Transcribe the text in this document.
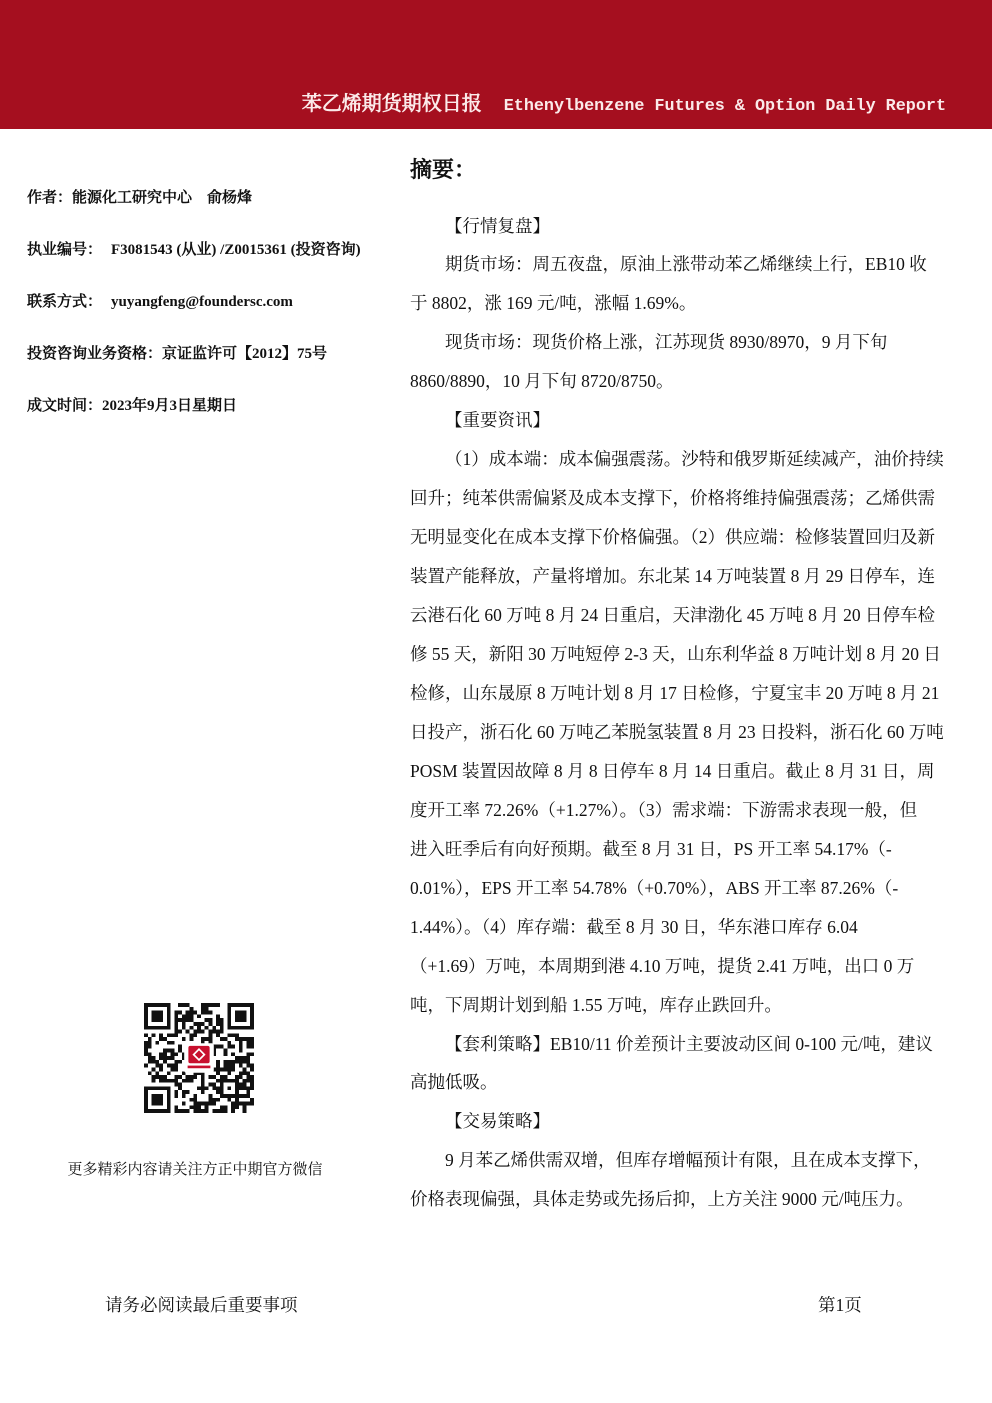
苯乙烯期货期权日报 Ethenylbenzene Futures & Option Daily Report
作者：能源化工研究中心 俞杨烽
执业编号： F3081543 (从业) /Z0015361 (投资咨询)
联系方式： yuyangfeng@foundersc.com
投资咨询业务资格：京证监许可【2012】75号
成文时间：2023年9月3日星期日
更多精彩内容请关注方正中期官方微信
摘要：
【行情复盘】
期货市场：周五夜盘，原油上涨带动苯乙烯继续上行，EB10 收
于 8802，涨 169 元/吨，涨幅 1.69%。
现货市场：现货价格上涨，江苏现货 8930/8970，9 月下旬
8860/8890，10 月下旬 8720/8750。
【重要资讯】
（1）成本端：成本偏强震荡。沙特和俄罗斯延续减产，油价持续
回升；纯苯供需偏紧及成本支撑下，价格将维持偏强震荡；乙烯供需
无明显变化在成本支撑下价格偏强。（2）供应端：检修装置回归及新
装置产能释放，产量将增加。东北某 14 万吨装置 8 月 29 日停车，连
云港石化 60 万吨 8 月 24 日重启，天津渤化 45 万吨 8 月 20 日停车检
修 55 天，新阳 30 万吨短停 2-3 天，山东利华益 8 万吨计划 8 月 20 日
检修，山东晟原 8 万吨计划 8 月 17 日检修，宁夏宝丰 20 万吨 8 月 21
日投产，浙石化 60 万吨乙苯脱氢装置 8 月 23 日投料，浙石化 60 万吨
POSM 装置因故障 8 月 8 日停车 8 月 14 日重启。截止 8 月 31 日，周
度开工率 72.26%（+1.27%）。（3）需求端：下游需求表现一般，但
进入旺季后有向好预期。截至 8 月 31 日，PS 开工率 54.17%（-
0.01%），EPS 开工率 54.78%（+0.70%），ABS 开工率 87.26%（-
1.44%）。（4）库存端：截至 8 月 30 日，华东港口库存 6.04
（+1.69）万吨，本周期到港 4.10 万吨，提货 2.41 万吨，出口 0 万
吨，下周期计划到船 1.55 万吨，库存止跌回升。
【套利策略】EB10/11 价差预计主要波动区间 0-100 元/吨，建议
高抛低吸。
【交易策略】
9 月苯乙烯供需双增，但库存增幅预计有限，且在成本支撑下，
价格表现偏强，具体走势或先扬后抑，上方关注 9000 元/吨压力。
请务必阅读最后重要事项	第1页
